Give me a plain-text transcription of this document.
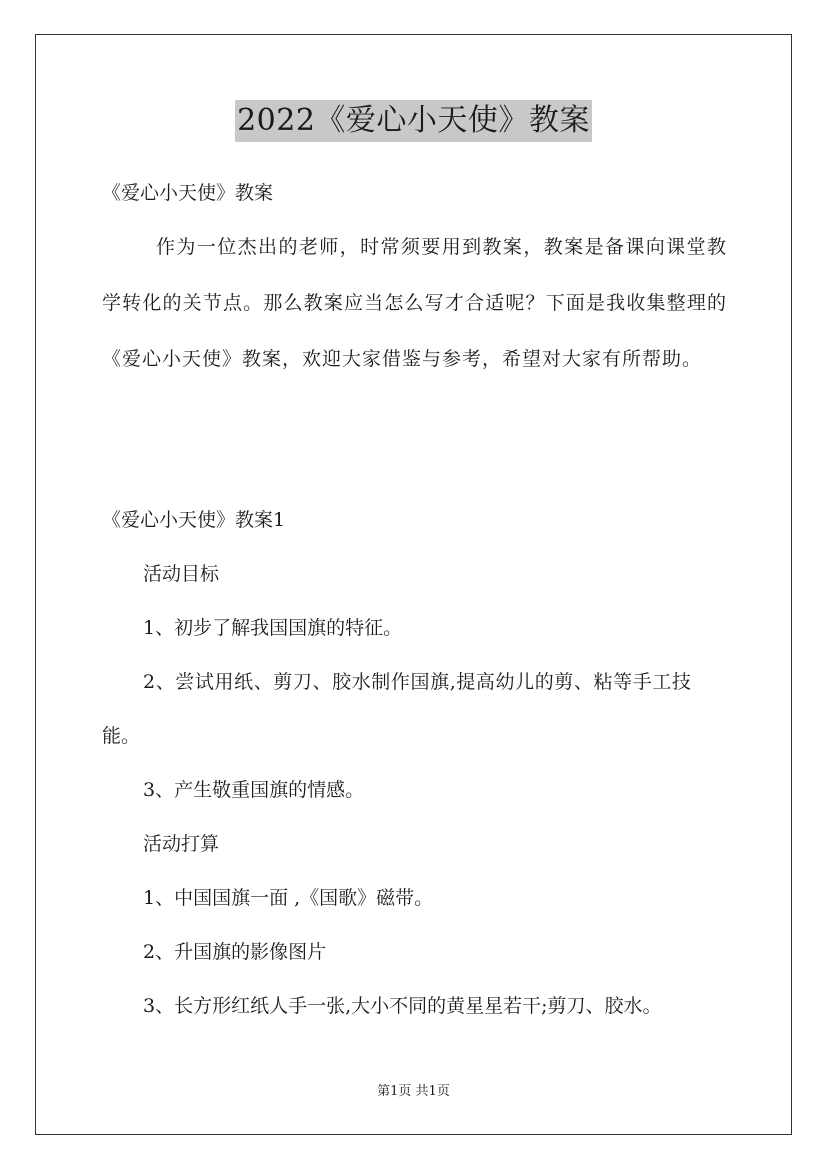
2022《爱心小天使》教案
《爱心小天使》教案
作为一位杰出的老师，时常须要用到教案，教案是备课向课堂教学转化的关节点。那么教案应当怎么写才合适呢？下面是我收集整理的《爱心小天使》教案，欢迎大家借鉴与参考，希望对大家有所帮助。
《爱心小天使》教案1
活动目标
1、初步了解我国国旗的特征。
2、尝试用纸、剪刀、胶水制作国旗,提高幼儿的剪、粘等手工技
能。
3、产生敬重国旗的情感。
活动打算
1、中国国旗一面 ,《国歌》磁带。
2、升国旗的影像图片
3、长方形红纸人手一张,大小不同的黄星星若干;剪刀、胶水。
第1页 共1页
